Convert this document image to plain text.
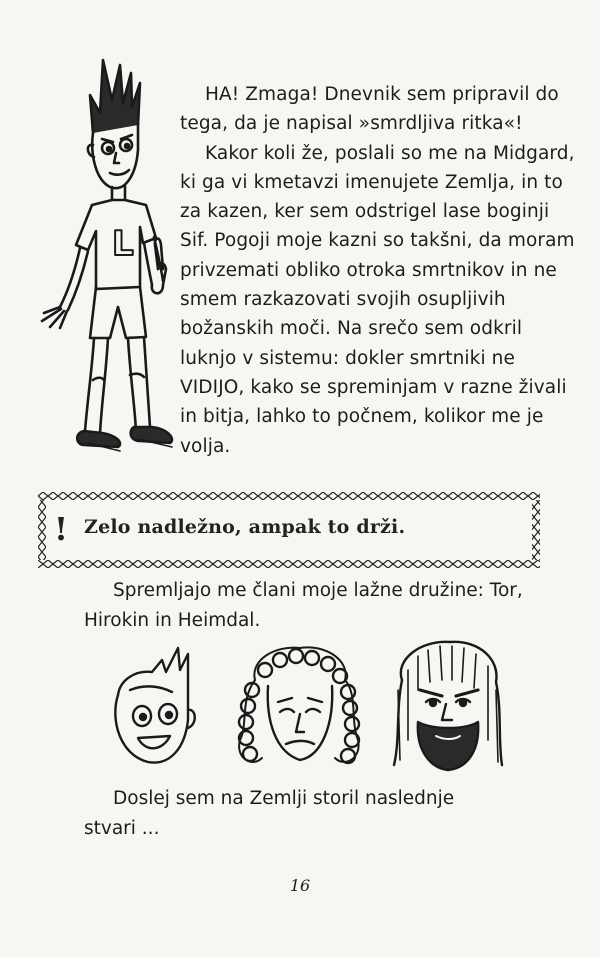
L

HA! Zmaga! Dnevnik sem pripravil do tega, da je napisal »smrdljiva ritka«!

Kakor koli že, poslali so me na Midgard, ki ga vi kmetavzi imenujete Zemlja, in to za kazen, ker sem odstrigel lase boginji Sif. Pogoji moje kazni so takšni, da moram privzemati obliko otroka smrtnikov in ne smem razkazovati svojih osupljivih božanskih moči. Na srečo sem odkril luknjo v sistemu: dokler smrtniki ne VIDIJO, kako se spreminjam v razne živali in bitja, lahko to počnem, kolikor me je volja.

! Zelo nadležno, ampak to drži.
Spremljajo me člani moje lažne družine: Tor,
Hirokin in Heimdal.
Doslej sem na Zemlji storil naslednje
stvari ...
16
